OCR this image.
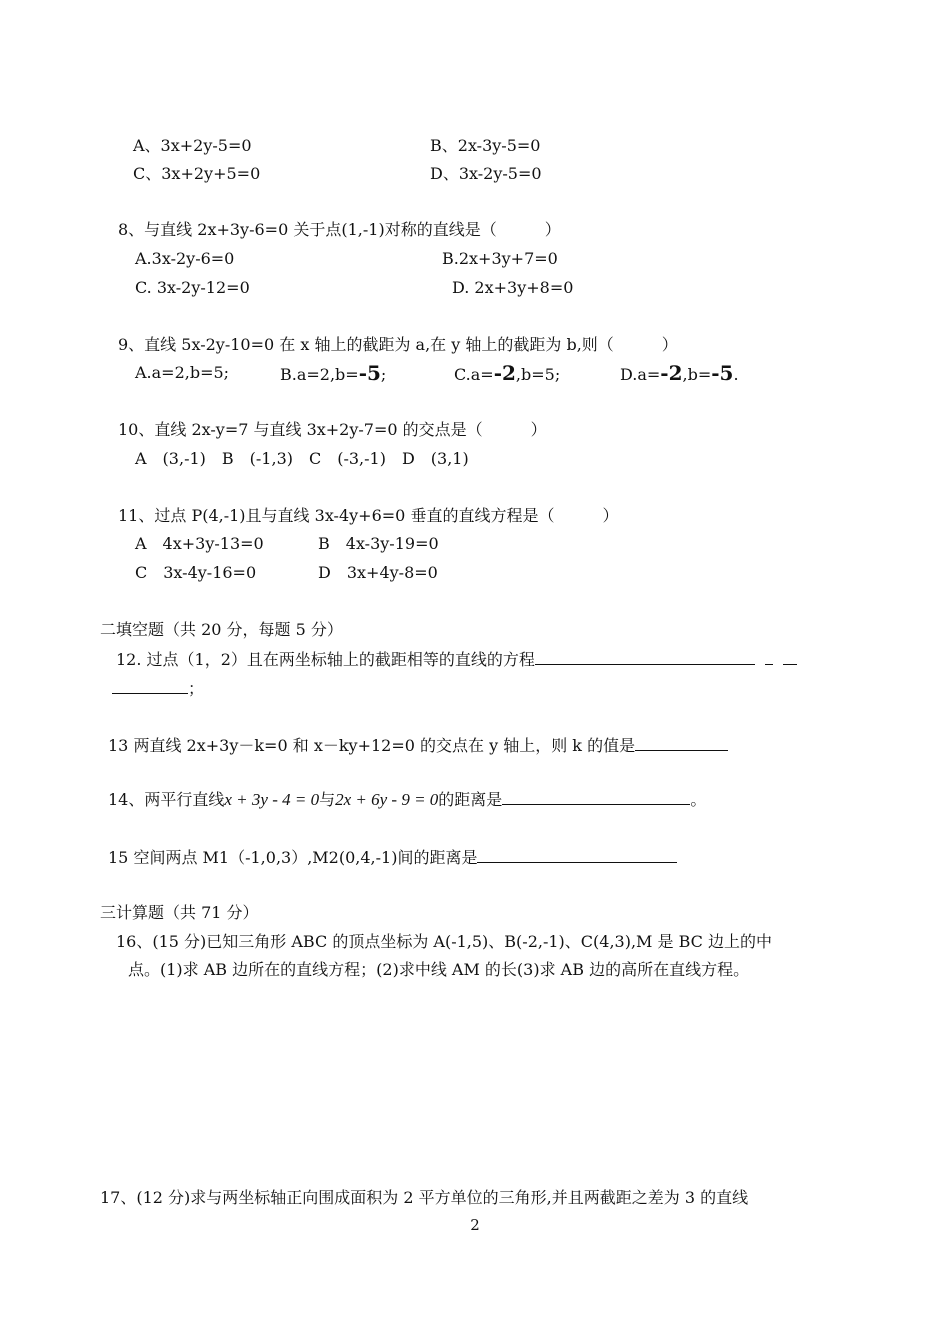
A、3x+2y-5=0	B、2x-3y-5=0
C、3x+2y+5=0	D、3x-2y-5=0
8、与直线 2x+3y-6=0 关于点(1,-1)对称的直线是（　　　）
A.3x-2y-6=0	B.2x+3y+7=0
C. 3x-2y-12=0	D. 2x+3y+8=0
9、直线 5x-2y-10=0 在 x 轴上的截距为 a,在 y 轴上的截距为 b,则（　　　）
A.a=2,b=5;	B.a=2,b=-5;	C.a=-2,b=5;	D.a=-2,b=-5.
10、直线 2x-y=7 与直线 3x+2y-7=0 的交点是（　　　）
A　(3,-1)　B　(-1,3)　C　(-3,-1)　D　(3,1)
11、过点 P(4,-1)且与直线 3x-4y+6=0 垂直的直线方程是（　　　）
A　4x+3y-13=0	B　4x-3y-19=0
C　3x-4y-16=0	D　3x+4y-8=0
二填空题（共 20 分，每题 5 分）
12. 过点（1，2）且在两坐标轴上的截距相等的直线的方程
；
13 两直线 2x+3y－k=0 和 x－ky+12=0 的交点在 y 轴上，则 k 的值是
14、两平行直线x + 3y - 4 = 0与2x + 6y - 9 = 0的距离是	。
15 空间两点 M1（-1,0,3）,M2(0,4,-1)间的距离是
三计算题（共 71 分）
16、(15 分)已知三角形 ABC 的顶点坐标为 A(-1,5)、B(-2,-1)、C(4,3),M 是 BC 边上的中
点。(1)求 AB 边所在的直线方程；(2)求中线 AM 的长(3)求 AB 边的高所在直线方程。
17、(12 分)求与两坐标轴正向围成面积为 2 平方单位的三角形,并且两截距之差为 3 的直线
2
